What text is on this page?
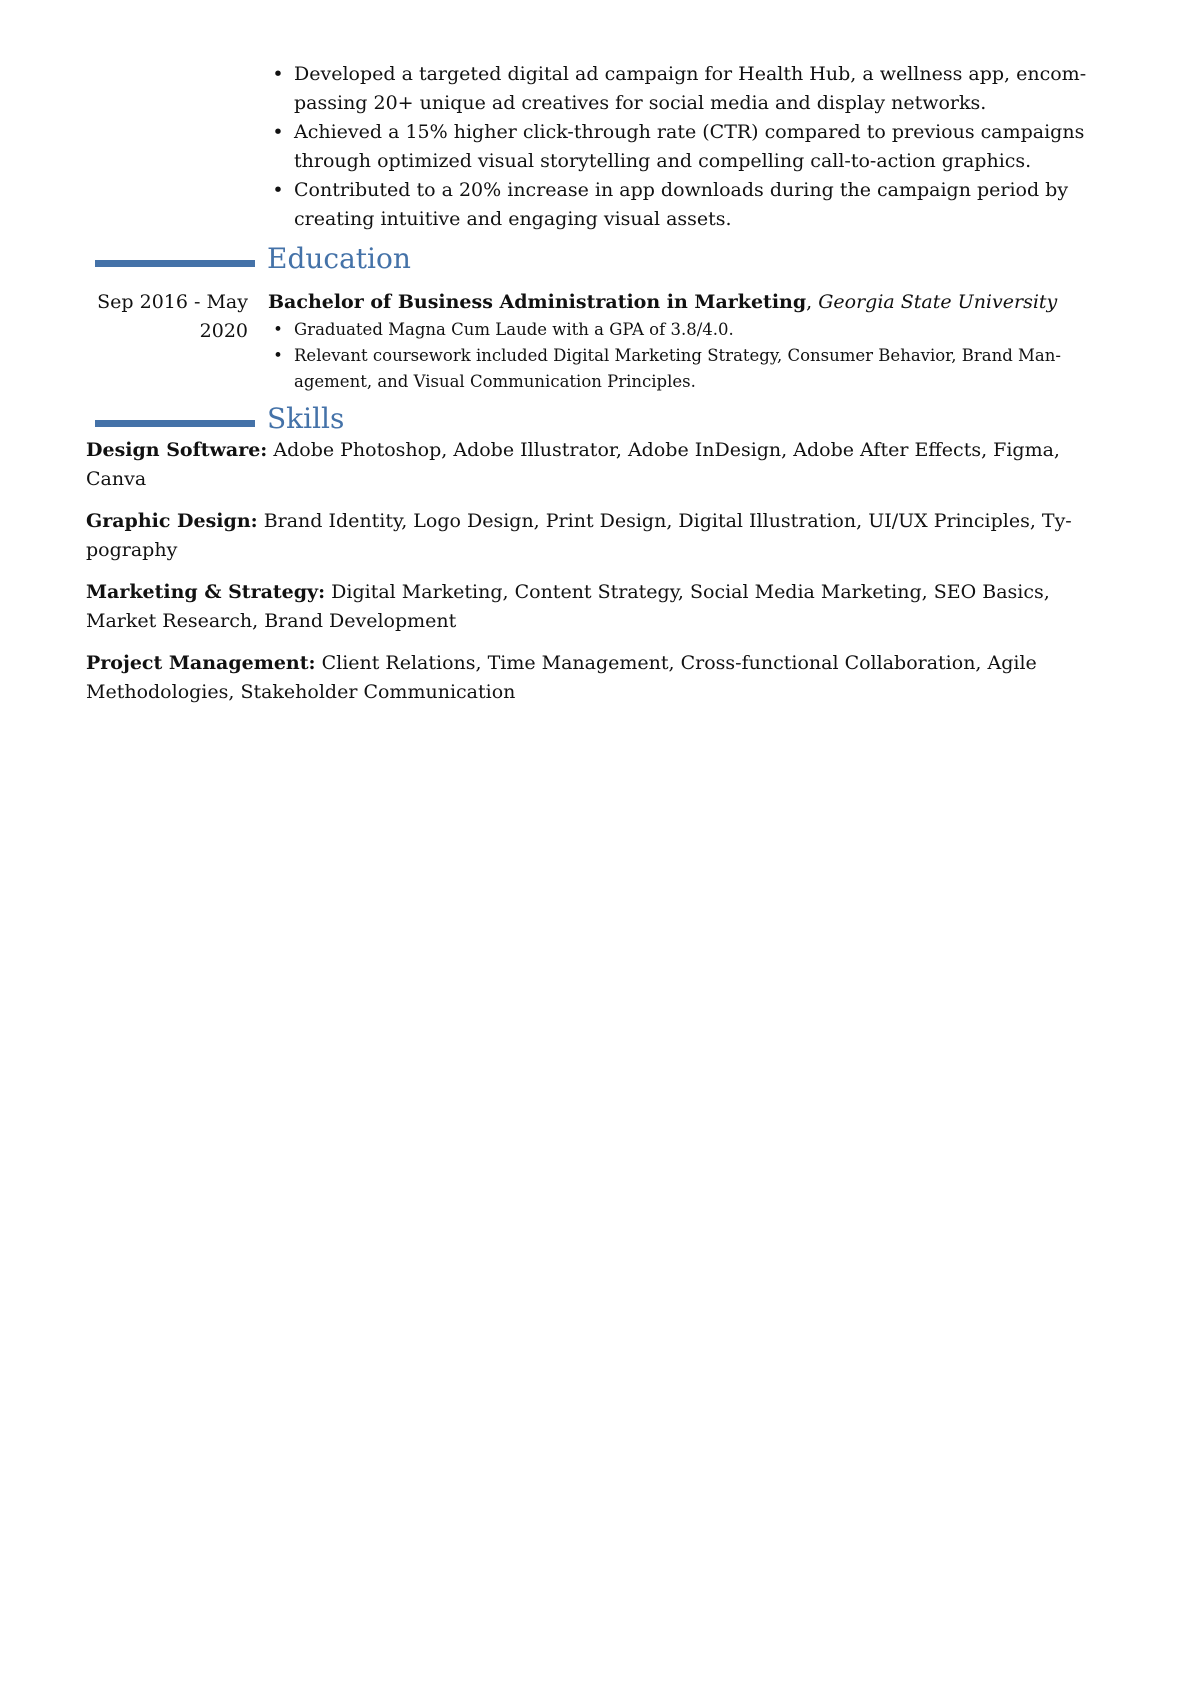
• Developed a targeted digital ad campaign for Health Hub, a wellness app, encom-passing 20+ unique ad creatives for social media and display networks.
• Achieved a 15% higher click-through rate (CTR) compared to previous campaigns through optimized visual storytelling and compelling call-to-action graphics.
• Contributed to a 20% increase in app downloads during the campaign period by creating intuitive and engaging visual assets.
Education
Sep 2016 - May
2020
Bachelor of Business Administration in Marketing, Georgia State University
• Graduated Magna Cum Laude with a GPA of 3.8/4.0.
• Relevant coursework included Digital Marketing Strategy, Consumer Behavior, Brand Man-agement, and Visual Communication Principles.
Skills

Design Software: Adobe Photoshop, Adobe Illustrator, Adobe InDesign, Adobe After Effects, Figma, Canva

Graphic Design: Brand Identity, Logo Design, Print Design, Digital Illustration, UI/UX Principles, Ty-pography

Marketing & Strategy: Digital Marketing, Content Strategy, Social Media Marketing, SEO Basics, Market Research, Brand Development

Project Management: Client Relations, Time Management, Cross-functional Collaboration, Agile Methodologies, Stakeholder Communication
